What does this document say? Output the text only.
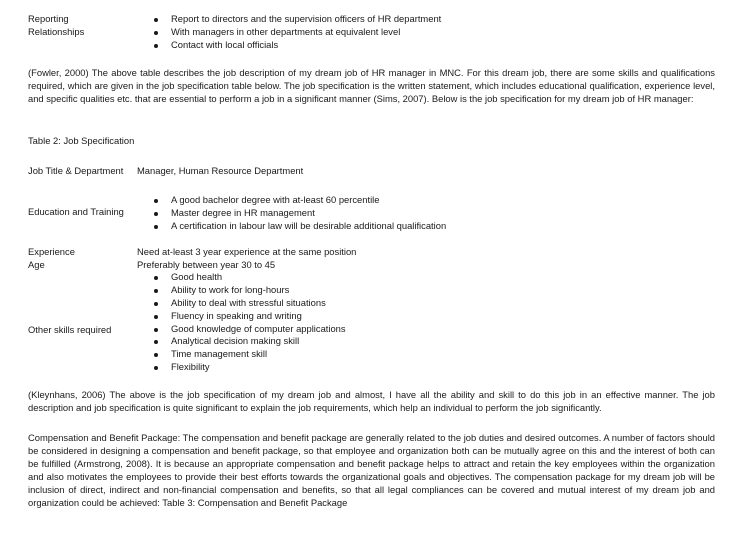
Reporting
Relationships
Report to directors and the supervision officers of HR department
With managers in other departments at equivalent level
Contact with local officials

(Fowler, 2000) The above table describes the job description of my dream job of HR manager in MNC. For this dream job, there are some skills and qualifications required, which are given in the job specification table below. The job specification is the written statement, which includes educational qualification, experience level, and specific qualities etc. that are essential to perform a job in a significant manner (Sims, 2007). Below is the job specification for my dream job of HR manager:

Table 2: Job Specification
Job Title & Department Manager, Human Resource Department
Education and Training
A good bachelor degree with at-least 60 percentile
Master degree in HR management
A certification in labour law will be desirable additional qualification
Experience	Need at-least 3 year experience at the same position
Age	Preferably between year 30 to 45
Other skills required
Good health
Ability to work for long-hours
Ability to deal with stressful situations
Fluency in speaking and writing
Good knowledge of computer applications
Analytical decision making skill
Time management skill
Flexibility

(Kleynhans, 2006) The above is the job specification of my dream job and almost, I have all the ability and skill to do this job in an effective manner. The job description and job specification is quite significant to explain the job requirements, which help an individual to perform the job significantly.

Compensation and Benefit Package: The compensation and benefit package are generally related to the job duties and desired outcomes. A number of factors should be considered in designing a compensation and benefit package, so that employee and organization both can be mutually agree on this and the interest of both can be fulfilled (Armstrong, 2008). It is because an appropriate compensation and benefit package helps to attract and retain the key employees within the organization and also motivates the employees to provide their best efforts towards the organizational goals and objectives. The compensation package for my dream job will be inclusion of direct, indirect and non-financial compensation and benefits, so that all legal compliances can be covered and mutual interest of my dream job and organization could be achieved: Table 3: Compensation and Benefit Package
